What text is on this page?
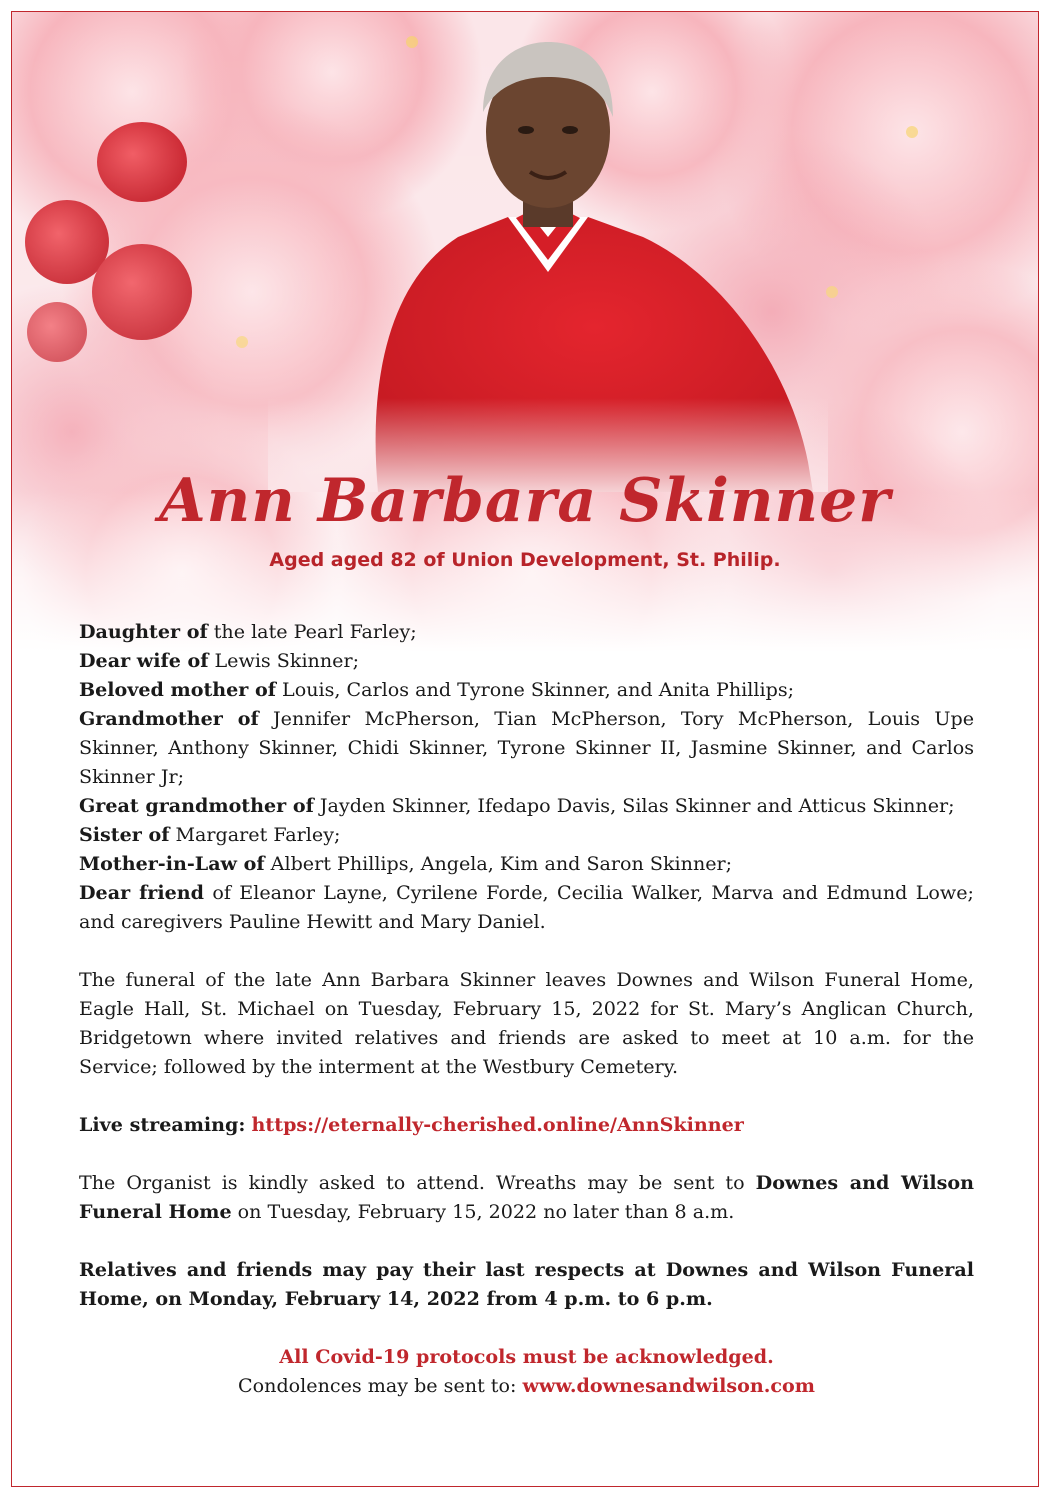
Ann Barbara Skinner
Aged aged 82 of Union Development, St. Philip.

Daughter of the late Pearl Farley;

Dear wife of Lewis Skinner;

Beloved mother of Louis, Carlos and Tyrone Skinner, and Anita Phillips;

Grandmother of Jennifer McPherson, Tian McPherson, Tory McPherson, Louis Upe Skinner, Anthony Skinner, Chidi Skinner, Tyrone Skinner II, Jasmine Skinner, and Carlos Skinner Jr;

Great grandmother of Jayden Skinner, Ifedapo Davis, Silas Skinner and Atticus Skinner;

Sister of Margaret Farley;

Mother-in-Law of Albert Phillips, Angela, Kim and Saron Skinner;

Dear friend of Eleanor Layne, Cyrilene Forde, Cecilia Walker, Marva and Edmund Lowe; and caregivers Pauline Hewitt and Mary Daniel.

The funeral of the late Ann Barbara Skinner leaves Downes and Wilson Funeral Home, Eagle Hall, St. Michael on Tuesday, February 15, 2022 for St. Mary’s Anglican Church, Bridgetown where invited relatives and friends are asked to meet at 10 a.m. for the Service; followed by the interment at the Westbury Cemetery.

Live streaming: https://eternally-cherished.online/AnnSkinner

The Organist is kindly asked to attend. Wreaths may be sent to Downes and Wilson Funeral Home on Tuesday, February 15, 2022 no later than 8 a.m.

Relatives and friends may pay their last respects at Downes and Wilson Funeral Home, on Monday, February 14, 2022 from 4 p.m. to 6 p.m.

All Covid-19 protocols must be acknowledged.

Condolences may be sent to: www.downesandwilson.com
